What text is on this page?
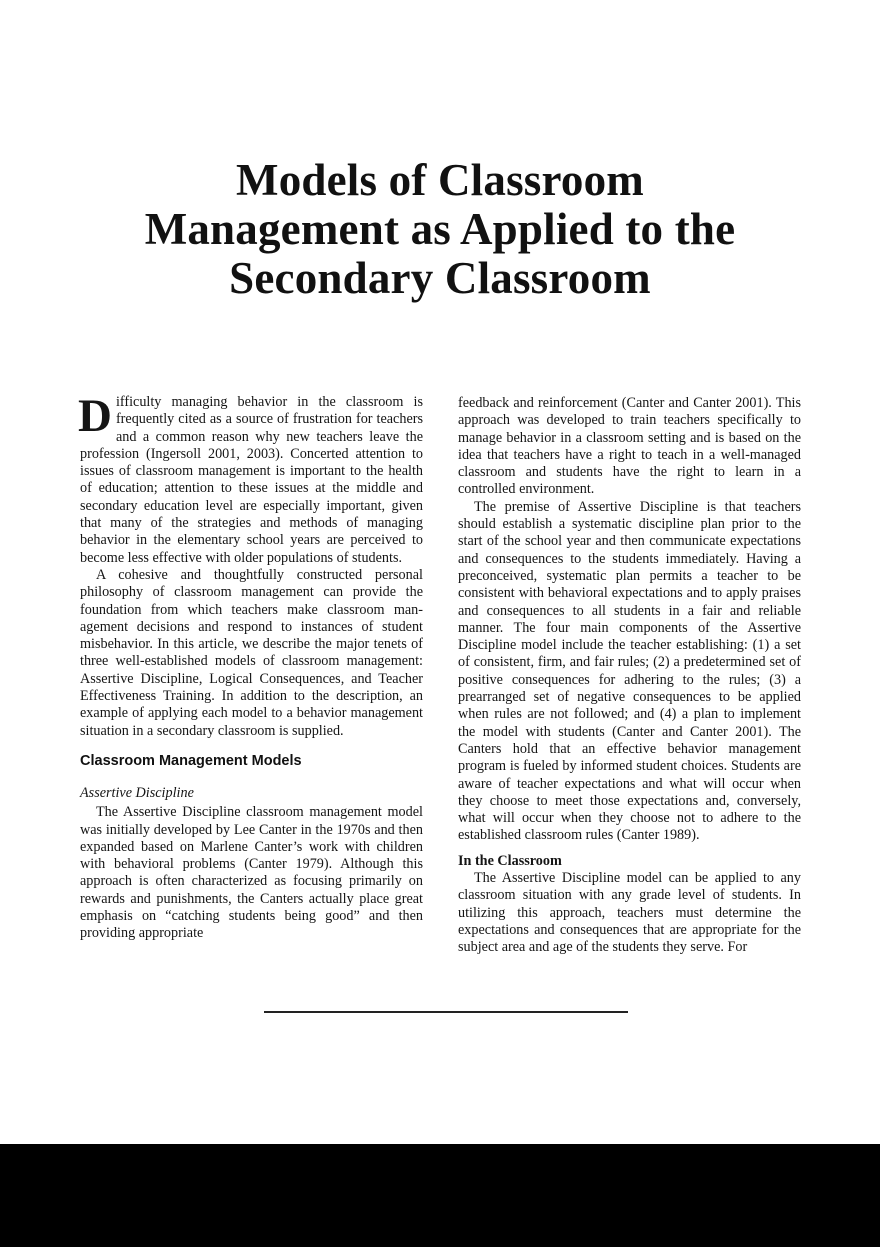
Models of Classroom
Management as Applied to the
Secondary Classroom

Difficulty managing behavior in the classroom is frequently cited as a source of frustration for teachers and a common reason why new teachers leave the profession (Ingersoll 2001, 2003). Concerted attention to issues of classroom management is important to the health of education; attention to these issues at the middle and secondary education level are especially important, given that many of the strategies and methods of managing behavior in the elementary school years are perceived to become less effective with older populations of students.

A cohesive and thoughtfully constructed personal philosophy of classroom management can provide the foundation from which teachers make classroom management decisions and respond to instances of student misbehavior. In this article, we describe the major tenets of three well-established models of classroom management: Assertive Discipline, Logical Consequences, and Teacher Effectiveness Training. In addition to the description, an example of applying each model to a behavior management situation in a secondary classroom is supplied.

Classroom Management Models
Assertive Discipline

The Assertive Discipline classroom management model was initially developed by Lee Canter in the 1970s and then expanded based on Marlene Canter’s work with children with behavioral problems (Canter 1979). Although this approach is often characterized as focusing primarily on rewards and punishments, the Canters actually place great emphasis on “catching students being good” and then providing appropriate

feedback and reinforcement (Canter and Canter 2001). This approach was developed to train teachers specifically to manage behavior in a classroom setting and is based on the idea that teachers have a right to teach in a well-managed classroom and students have the right to learn in a controlled environment.

The premise of Assertive Discipline is that teachers should establish a systematic discipline plan prior to the start of the school year and then communicate expectations and consequences to the students immediately. Having a preconceived, systematic plan permits a teacher to be consistent with behavioral expectations and to apply praises and consequences to all students in a fair and reliable manner. The four main components of the Assertive Discipline model include the teacher establishing: (1) a set of consistent, firm, and fair rules; (2) a predetermined set of positive consequences for adhering to the rules; (3) a prearranged set of negative consequences to be applied when rules are not followed; and (4) a plan to implement the model with students (Canter and Canter 2001). The Canters hold that an effective behavior management program is fueled by informed student choices. Students are aware of teacher expectations and what will occur when they choose to meet those expectations and, conversely, what will occur when they choose not to adhere to the established classroom rules (Canter 1989).

In the Classroom

The Assertive Discipline model can be applied to any classroom situation with any grade level of students. In utilizing this approach, teachers must determine the expectations and consequences that are appropriate for the subject area and age of the students they serve. For
